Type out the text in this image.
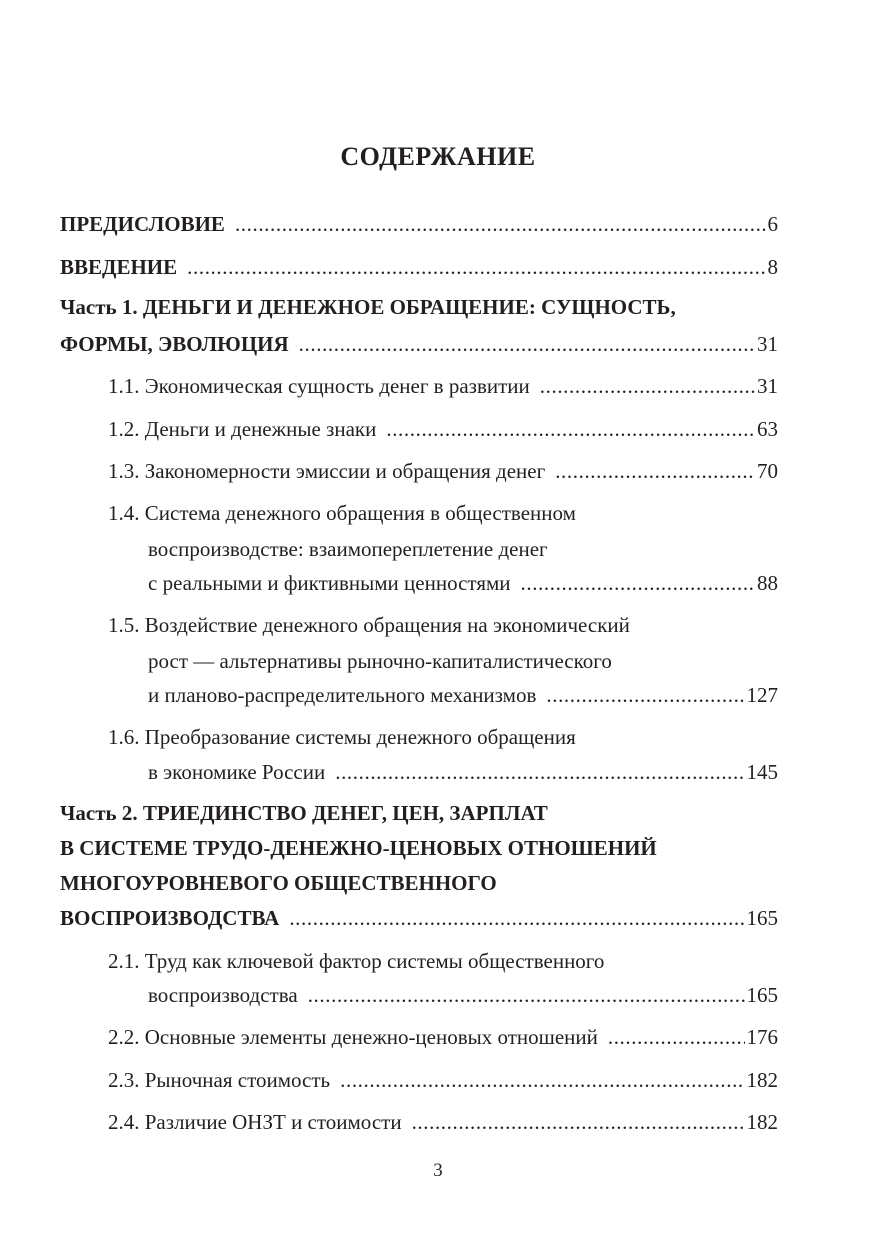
СОДЕРЖАНИЕ
ПРЕДИСЛОВИЕ .....	6
ВВЕДЕНИЕ .....	8
Часть 1. ДЕНЬГИ И ДЕНЕЖНОЕ ОБРАЩЕНИЕ: СУЩНОСТЬ,
ФОРМЫ, ЭВОЛЮЦИЯ .....	31
1.1. Экономическая сущность денег в развитии .....	31
1.2. Деньги и денежные знаки .....	63
1.3. Закономерности эмиссии и обращения денег .....	70
1.4. Система денежного обращения в общественном
воспроизводстве: взаимопереплетение денег
с реальными и фиктивными ценностями .....	88
1.5. Воздействие денежного обращения на экономический
рост — альтернативы рыночно-капиталистического
и планово-распределительного механизмов .....	127
1.6. Преобразование системы денежного обращения
в экономике России .....	145
Часть 2. ТРИЕДИНСТВО ДЕНЕГ, ЦЕН, ЗАРПЛАТ
В СИСТЕМЕ ТРУДО-ДЕНЕЖНО-ЦЕНОВЫХ ОТНОШЕНИЙ
МНОГОУРОВНЕВОГО ОБЩЕСТВЕННОГО
ВОСПРОИЗВОДСТВА .....	165
2.1. Труд как ключевой фактор системы общественного
воспроизводства .....	165
2.2. Основные элементы денежно-ценовых отношений .....	176
2.3. Рыночная стоимость .....	182
2.4. Различие ОНЗТ и стоимости .....	182
3
